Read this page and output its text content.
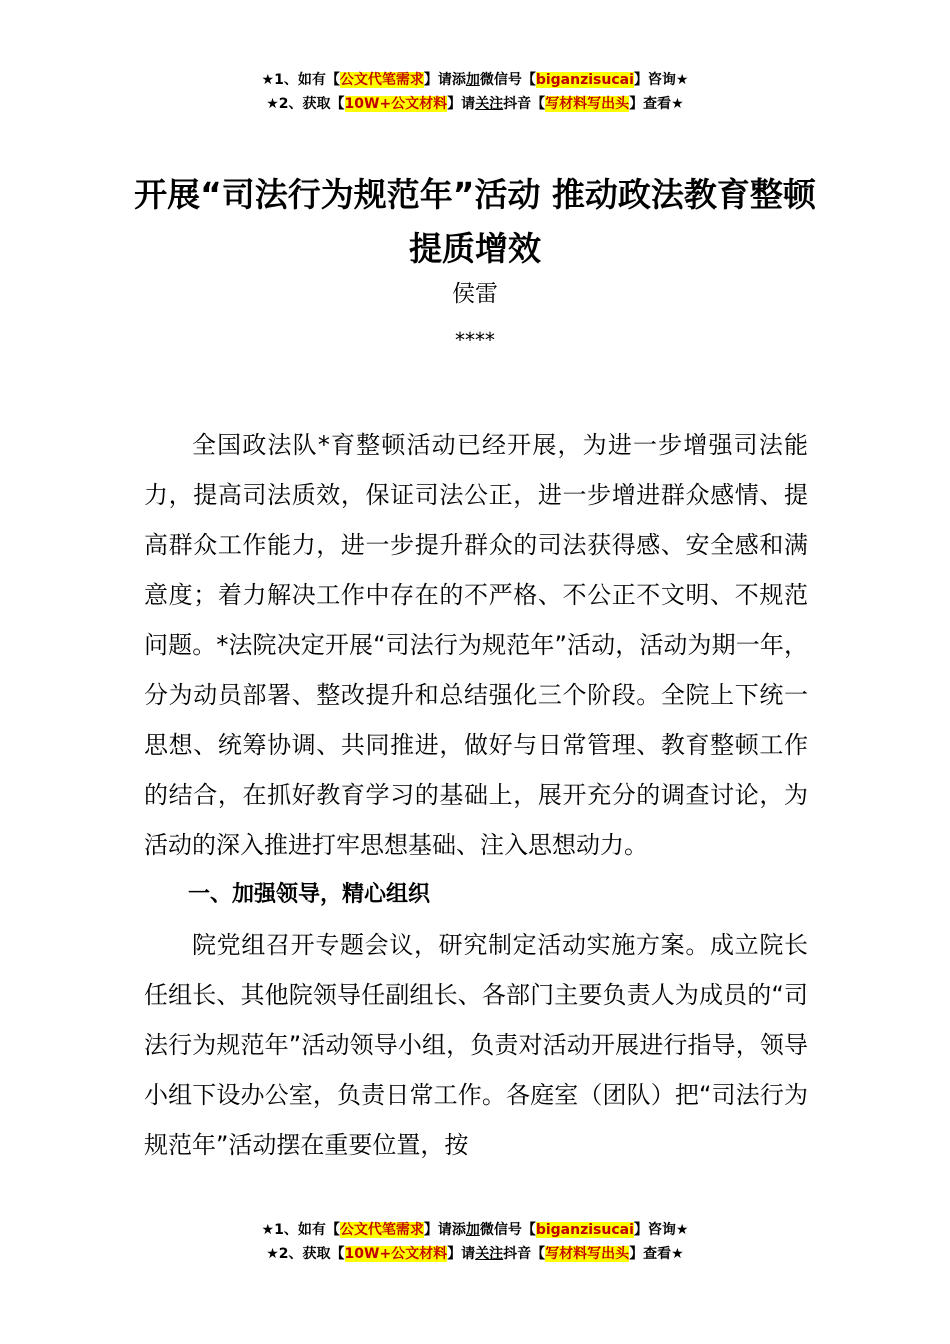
★1、如有【公文代笔需求】请添加微信号【biganzisucai】咨询★
★2、获取【10W+公文材料】请关注抖音【写材料写出头】查看★
开展“司法行为规范年”活动 推动政法教育整顿提质增效
侯雷
****

全国政法队*育整顿活动已经开展，为进一步增强司法能力，提高司法质效，保证司法公正，进一步增进群众感情、提高群众工作能力，进一步提升群众的司法获得感、安全感和满意度；着力解决工作中存在的不严格、不公正不文明、不规范问题。*法院决定开展“司法行为规范年”活动，活动为期一年，分为动员部署、整改提升和总结强化三个阶段。全院上下统一思想、统筹协调、共同推进，做好与日常管理、教育整顿工作的结合，在抓好教育学习的基础上，展开充分的调查讨论，为活动的深入推进打牢思想基础、注入思想动力。

一、加强领导，精心组织

院党组召开专题会议，研究制定活动实施方案。成立院长任组长、其他院领导任副组长、各部门主要负责人为成员的“司法行为规范年”活动领导小组，负责对活动开展进行指导，领导小组下设办公室，负责日常工作。各庭室（团队）把“司法行为规范年”活动摆在重要位置，按

★1、如有【公文代笔需求】请添加微信号【biganzisucai】咨询★
★2、获取【10W+公文材料】请关注抖音【写材料写出头】查看★
